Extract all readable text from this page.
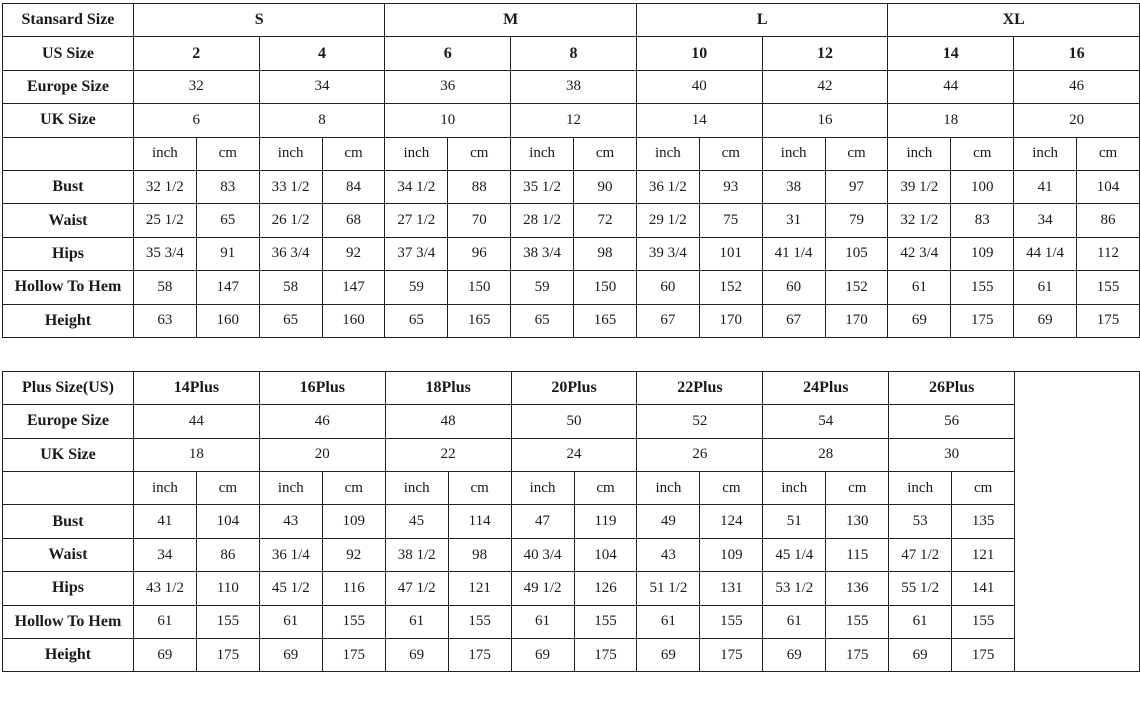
Stansard Size	S				M				L				XL			
US Size	2		4		6		8		10		12		14		16	
Europe Size	32		34		36		38		40		42		44		46	
UK Size	6		8		10		12		14		16		18		20	
	inch	cm	inch	cm	inch	cm	inch	cm	inch	cm	inch	cm	inch	cm	inch	cm
Bust	32 1/2	83	33 1/2	84	34 1/2	88	35 1/2	90	36 1/2	93	38	97	39 1/2	100	41	104
Waist	25 1/2	65	26 1/2	68	27 1/2	70	28 1/2	72	29 1/2	75	31	79	32 1/2	83	34	86
Hips	35 3/4	91	36 3/4	92	37 3/4	96	38 3/4	98	39 3/4	101	41 1/4	105	42 3/4	109	44 1/4	112
Hollow To Hem	58	147	58	147	59	150	59	150	60	152	60	152	61	155	61	155
Height	63	160	65	160	65	165	65	165	67	170	67	170	69	175	69	175
Plus Size(US)	14Plus		16Plus		18Plus		20Plus		22Plus		24Plus		26Plus		
Europe Size	44		46		48		50		52		54		56		
UK Size	18		20		22		24		26		28		30		
	inch	cm	inch	cm	inch	cm	inch	cm	inch	cm	inch	cm	inch	cm	
Bust	41	104	43	109	45	114	47	119	49	124	51	130	53	135	
Waist	34	86	36 1/4	92	38 1/2	98	40 3/4	104	43	109	45 1/4	115	47 1/2	121	
Hips	43 1/2	110	45 1/2	116	47 1/2	121	49 1/2	126	51 1/2	131	53 1/2	136	55 1/2	141	
Hollow To Hem	61	155	61	155	61	155	61	155	61	155	61	155	61	155	
Height	69	175	69	175	69	175	69	175	69	175	69	175	69	175	
